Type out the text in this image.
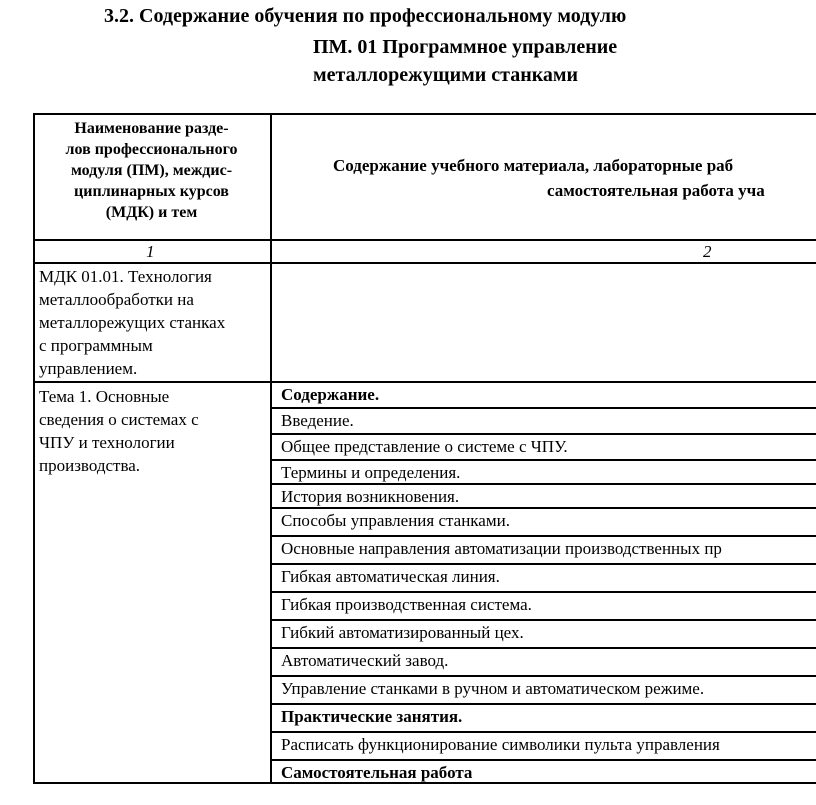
3.2. Содержание обучения по профессиональному модулю
ПМ. 01 Программное управление
металлорежущими станками
Наименование разде-
лов профессионального
модуля (ПМ), междис-
циплинарных курсов
(МДК) и тем
Содержание учебного материала, лабораторные раб
самостоятельная работа уча
1	2
МДК 01.01. Технология
металлообработки на
металлорежущих станках
с программным
управлением.
Тема 1. Основные
сведения о системах с
ЧПУ и технологии
производства.
Содержание.
Введение.
Общее представление о системе с ЧПУ.
Термины и определения.
История возникновения.
Способы управления станками.
Основные направления автоматизации производственных пр
Гибкая автоматическая линия.
Гибкая производственная система.
Гибкий автоматизированный цех.
Автоматический завод.
Управление станками в ручном и автоматическом режиме.
Практические занятия.
Расписать функционирование символики пульта управления
Самостоятельная работа
